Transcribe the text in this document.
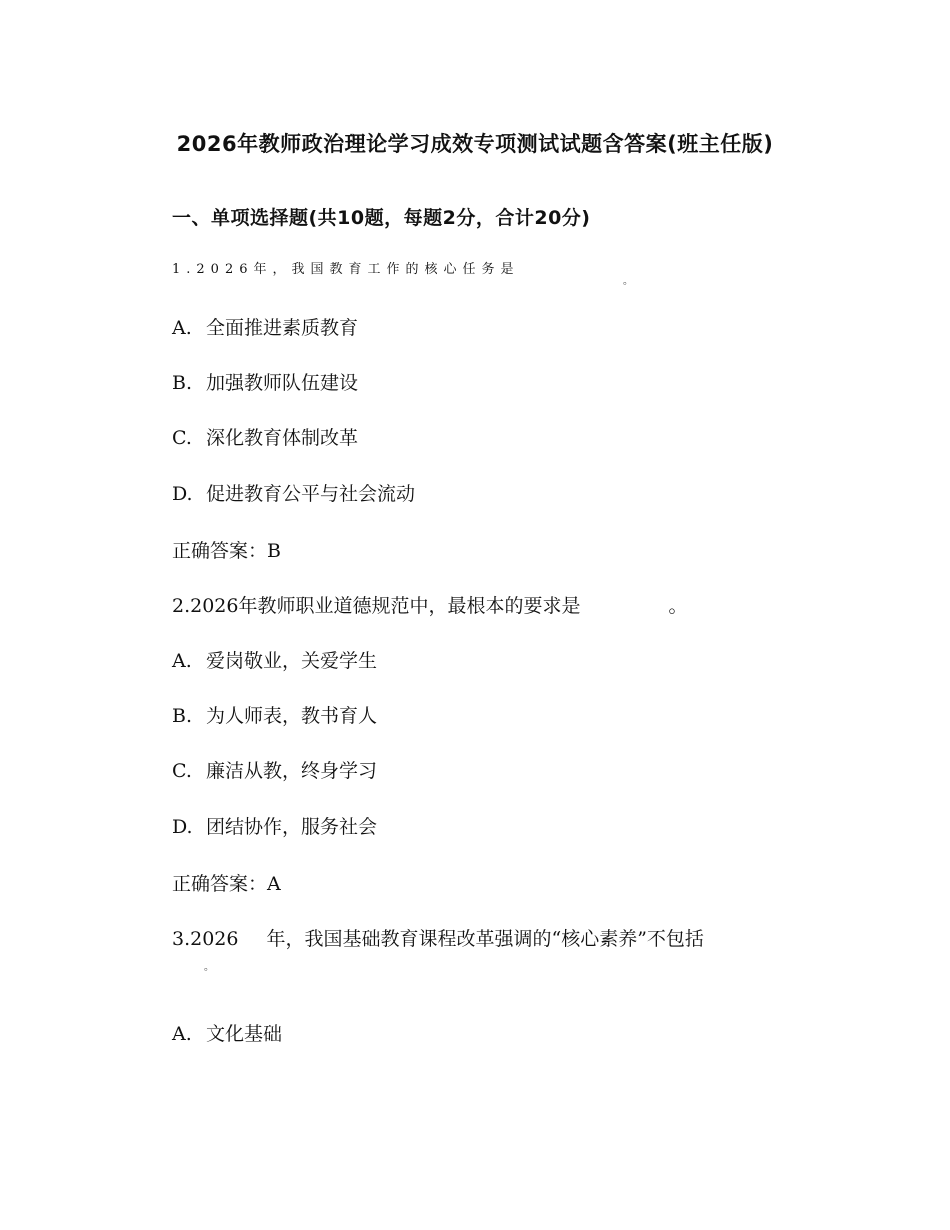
2026年教师政治理论学习成效专项测试试题含答案(班主任版)
一、单项选择题(共10题，每题2分，合计20分)

1.2026年，我国教育工作的核心任务是

。

A. 全面推进素质教育

B. 加强教师队伍建设

C. 深化教育体制改革

D. 促进教育公平与社会流动

正确答案：B

2.2026年教师职业道德规范中，最根本的要求是	。

A. 爱岗敬业，关爱学生

B. 为人师表，教书育人

C. 廉洁从教，终身学习

D. 团结协作，服务社会

正确答案：A

3.2026 年，我国基础教育课程改革强调的“核心素养”不包括

。

A. 文化基础
